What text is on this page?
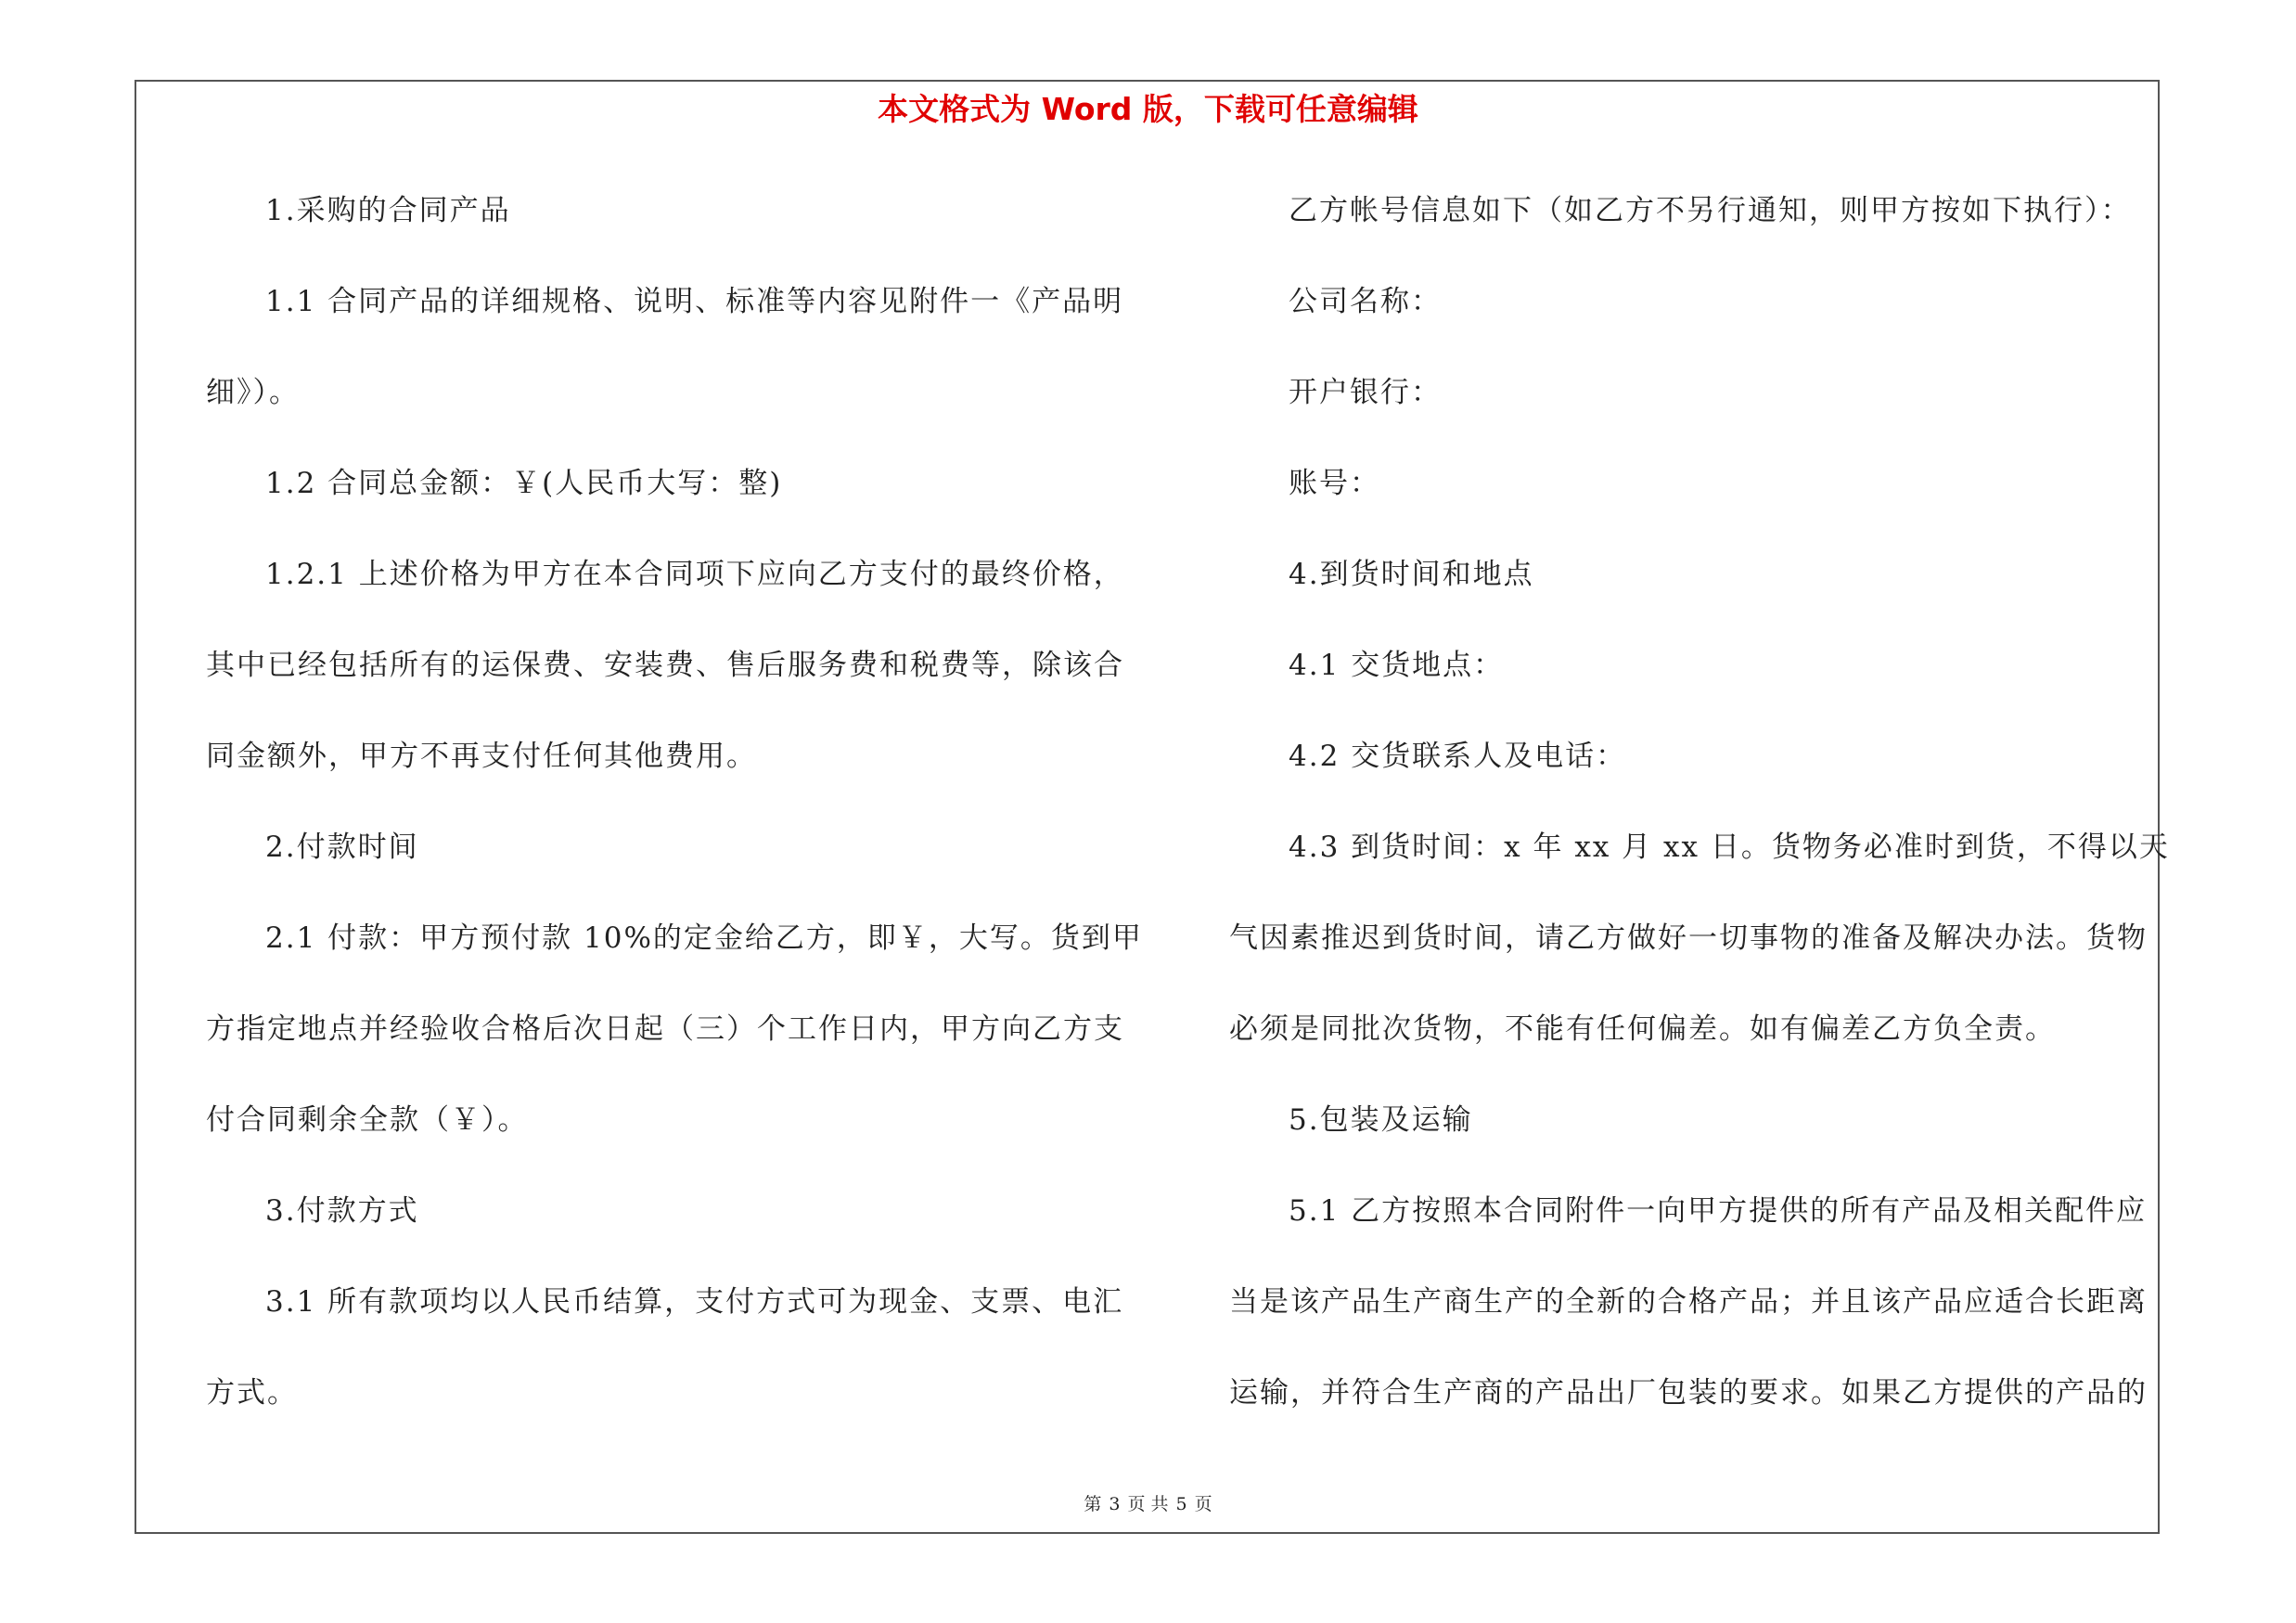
本文格式为 Word 版，下载可任意编辑
1.采购的合同产品
1.1 合同产品的详细规格、说明、标准等内容见附件一《产品明
细》）。
1.2 合同总金额：￥(人民币大写：整)
1.2.1 上述价格为甲方在本合同项下应向乙方支付的最终价格，
其中已经包括所有的运保费、安装费、售后服务费和税费等，除该合
同金额外，甲方不再支付任何其他费用。
2.付款时间
2.1 付款：甲方预付款 10%的定金给乙方，即￥，大写。货到甲
方指定地点并经验收合格后次日起（三）个工作日内，甲方向乙方支
付合同剩余全款（￥）。
3.付款方式
3.1 所有款项均以人民币结算，支付方式可为现金、支票、电汇
方式。
乙方帐号信息如下（如乙方不另行通知，则甲方按如下执行）：
公司名称：
开户银行：
账号：
4.到货时间和地点
4.1 交货地点：
4.2 交货联系人及电话：
4.3 到货时间：x 年 xx 月 xx 日。货物务必准时到货，不得以天
气因素推迟到货时间，请乙方做好一切事物的准备及解决办法。货物
必须是同批次货物，不能有任何偏差。如有偏差乙方负全责。
5.包装及运输
5.1 乙方按照本合同附件一向甲方提供的所有产品及相关配件应
当是该产品生产商生产的全新的合格产品；并且该产品应适合长距离
运输，并符合生产商的产品出厂包装的要求。如果乙方提供的产品的
第 3 页 共 5 页
